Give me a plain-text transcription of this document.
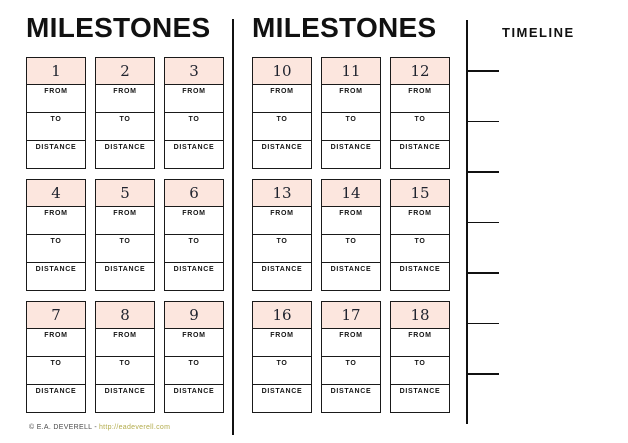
MILESTONES MILESTONES
1
FROM
TO
DISTANCE
2
FROM
TO
DISTANCE
3
FROM
TO
DISTANCE
4
FROM
TO
DISTANCE
5
FROM
TO
DISTANCE
6
FROM
TO
DISTANCE
7
FROM
TO
DISTANCE
8
FROM
TO
DISTANCE
9
FROM
TO
DISTANCE
10
FROM
TO
DISTANCE
11
FROM
TO
DISTANCE
12
FROM
TO
DISTANCE
13
FROM
TO
DISTANCE
14
FROM
TO
DISTANCE
15
FROM
TO
DISTANCE
16
FROM
TO
DISTANCE
17
FROM
TO
DISTANCE
18
FROM
TO
DISTANCE
TIMELINE
© E.A. DEVERELL - http://eadeverell.com
